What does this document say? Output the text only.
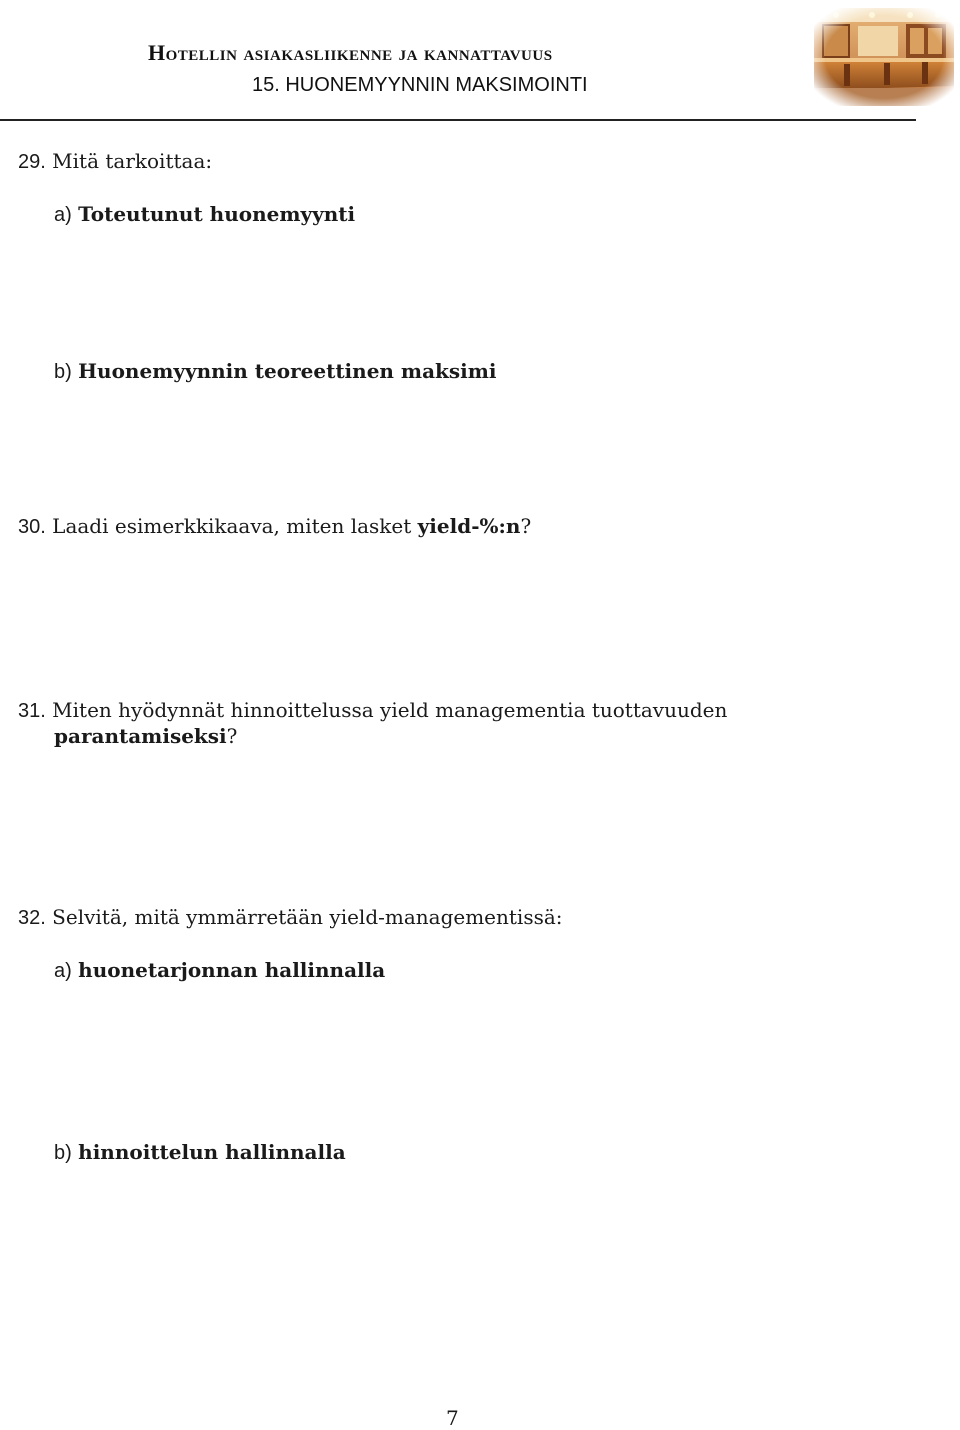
Hotellin asiakasliikenne ja kannattavuus
15. HUONEMYYNNIN MAKSIMOINTI
29. Mitä tarkoittaa:
a) Toteutunut huonemyynti
b) Huonemyynnin teoreettinen maksimi
30. Laadi esimerkkikaava, miten lasket yield-%:n?
31. Miten hyödynnät hinnoittelussa yield managementia tuottavuuden
parantamiseksi?
32. Selvitä, mitä ymmärretään yield-managementissä:
a) huonetarjonnan hallinnalla
b) hinnoittelun hallinnalla
7
